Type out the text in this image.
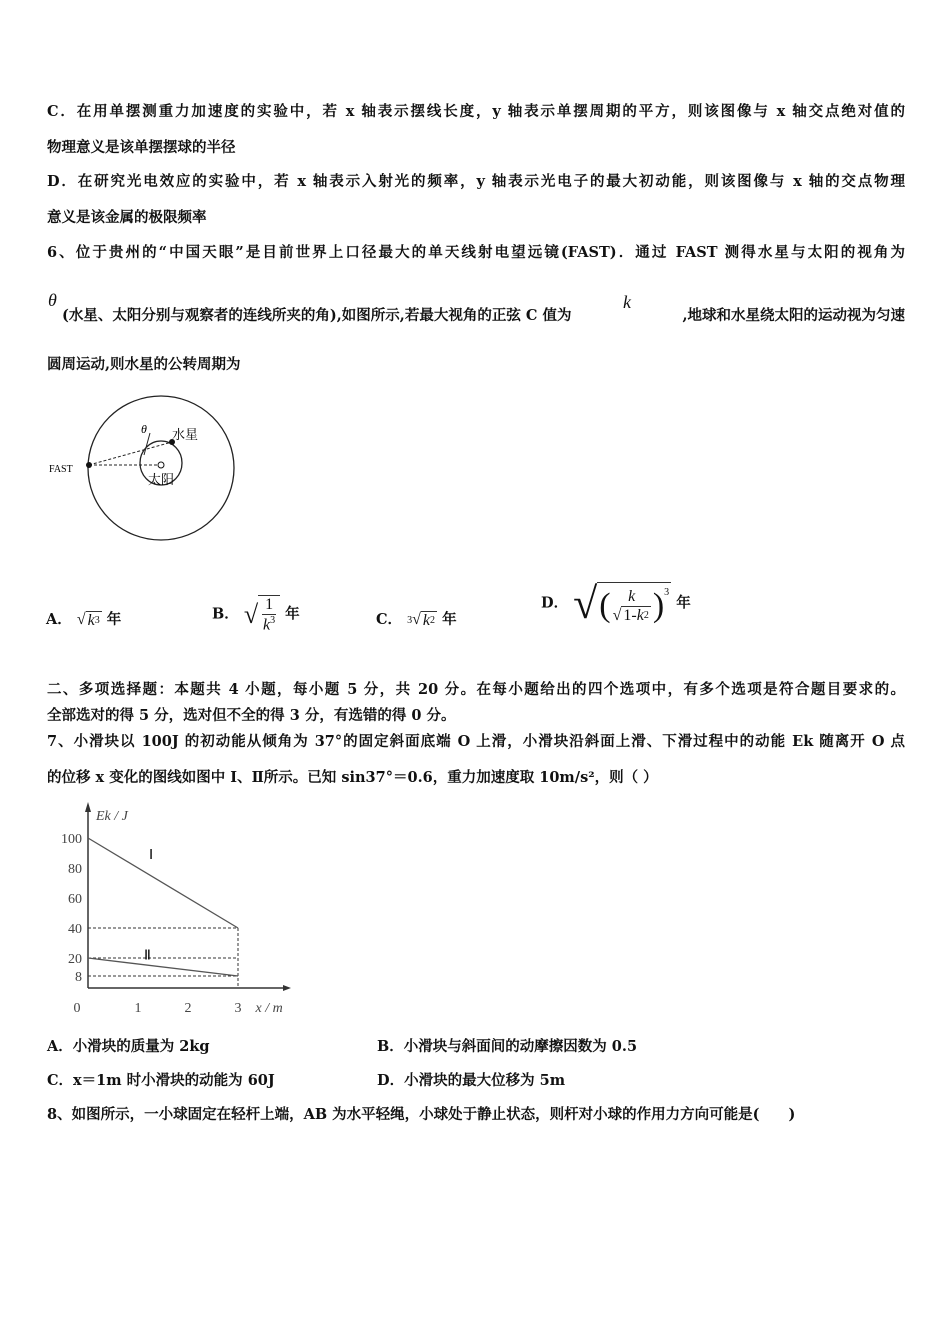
C．在用单摆测重力加速度的实验中，若 x 轴表示摆线长度，y 轴表示单摆周期的平方，则该图像与 x 轴交点绝对值的
物理意义是该单摆摆球的半径
D．在研究光电效应的实验中，若 x 轴表示入射光的频率，y 轴表示光电子的最大初动能，则该图像与 x 轴的交点物理
意义是该金属的极限频率
6、位于贵州的“中国天眼”是目前世界上口径最大的单天线射电望远镜(FAST)．通过 FAST 测得水星与太阳的视角为
θ
(水星、太阳分别与观察者的连线所夹的角),如图所示,若最大视角的正弦 C 值为
k
,地球和水星绕太阳的运动视为匀速
圆周运动,则水星的公转周期为
FAST
θ 水星
太阳
A． √ k 3 年	B． √ $\frac{1}{k^3}$ 年	C． 3 √ k 2 年
D． √ ( k
√ 1- k 2 )$^3$
年
二、多项选择题：本题共 4 小题，每小题 5 分，共 20 分。在每小题给出的四个选项中，有多个选项是符合题目要求的。
全部选对的得 5 分，选对但不全的得 3 分，有选错的得 0 分。
7、小滑块以 100J 的初动能从倾角为 37°的固定斜面底端 O 上滑，小滑块沿斜面上滑、下滑过程中的动能 Ek 随离开 O 点
的位移 x 变化的图线如图中 Ⅰ、Ⅱ所示。已知 sin37°＝0.6，重力加速度取 10m/s²，则（ ）
Ⅰ
Ⅱ
100
80
60
40
20
8
0	1	2	3 x / m
Ek / J
A．小滑块的质量为 2kg	B．小滑块与斜面间的动摩擦因数为 0.5
C．x＝1m 时小滑块的动能为 60J	D．小滑块的最大位移为 5m
8、如图所示，一小球固定在轻杆上端，AB 为水平轻绳，小球处于静止状态，则杆对小球的作用力方向可能是(　　)
